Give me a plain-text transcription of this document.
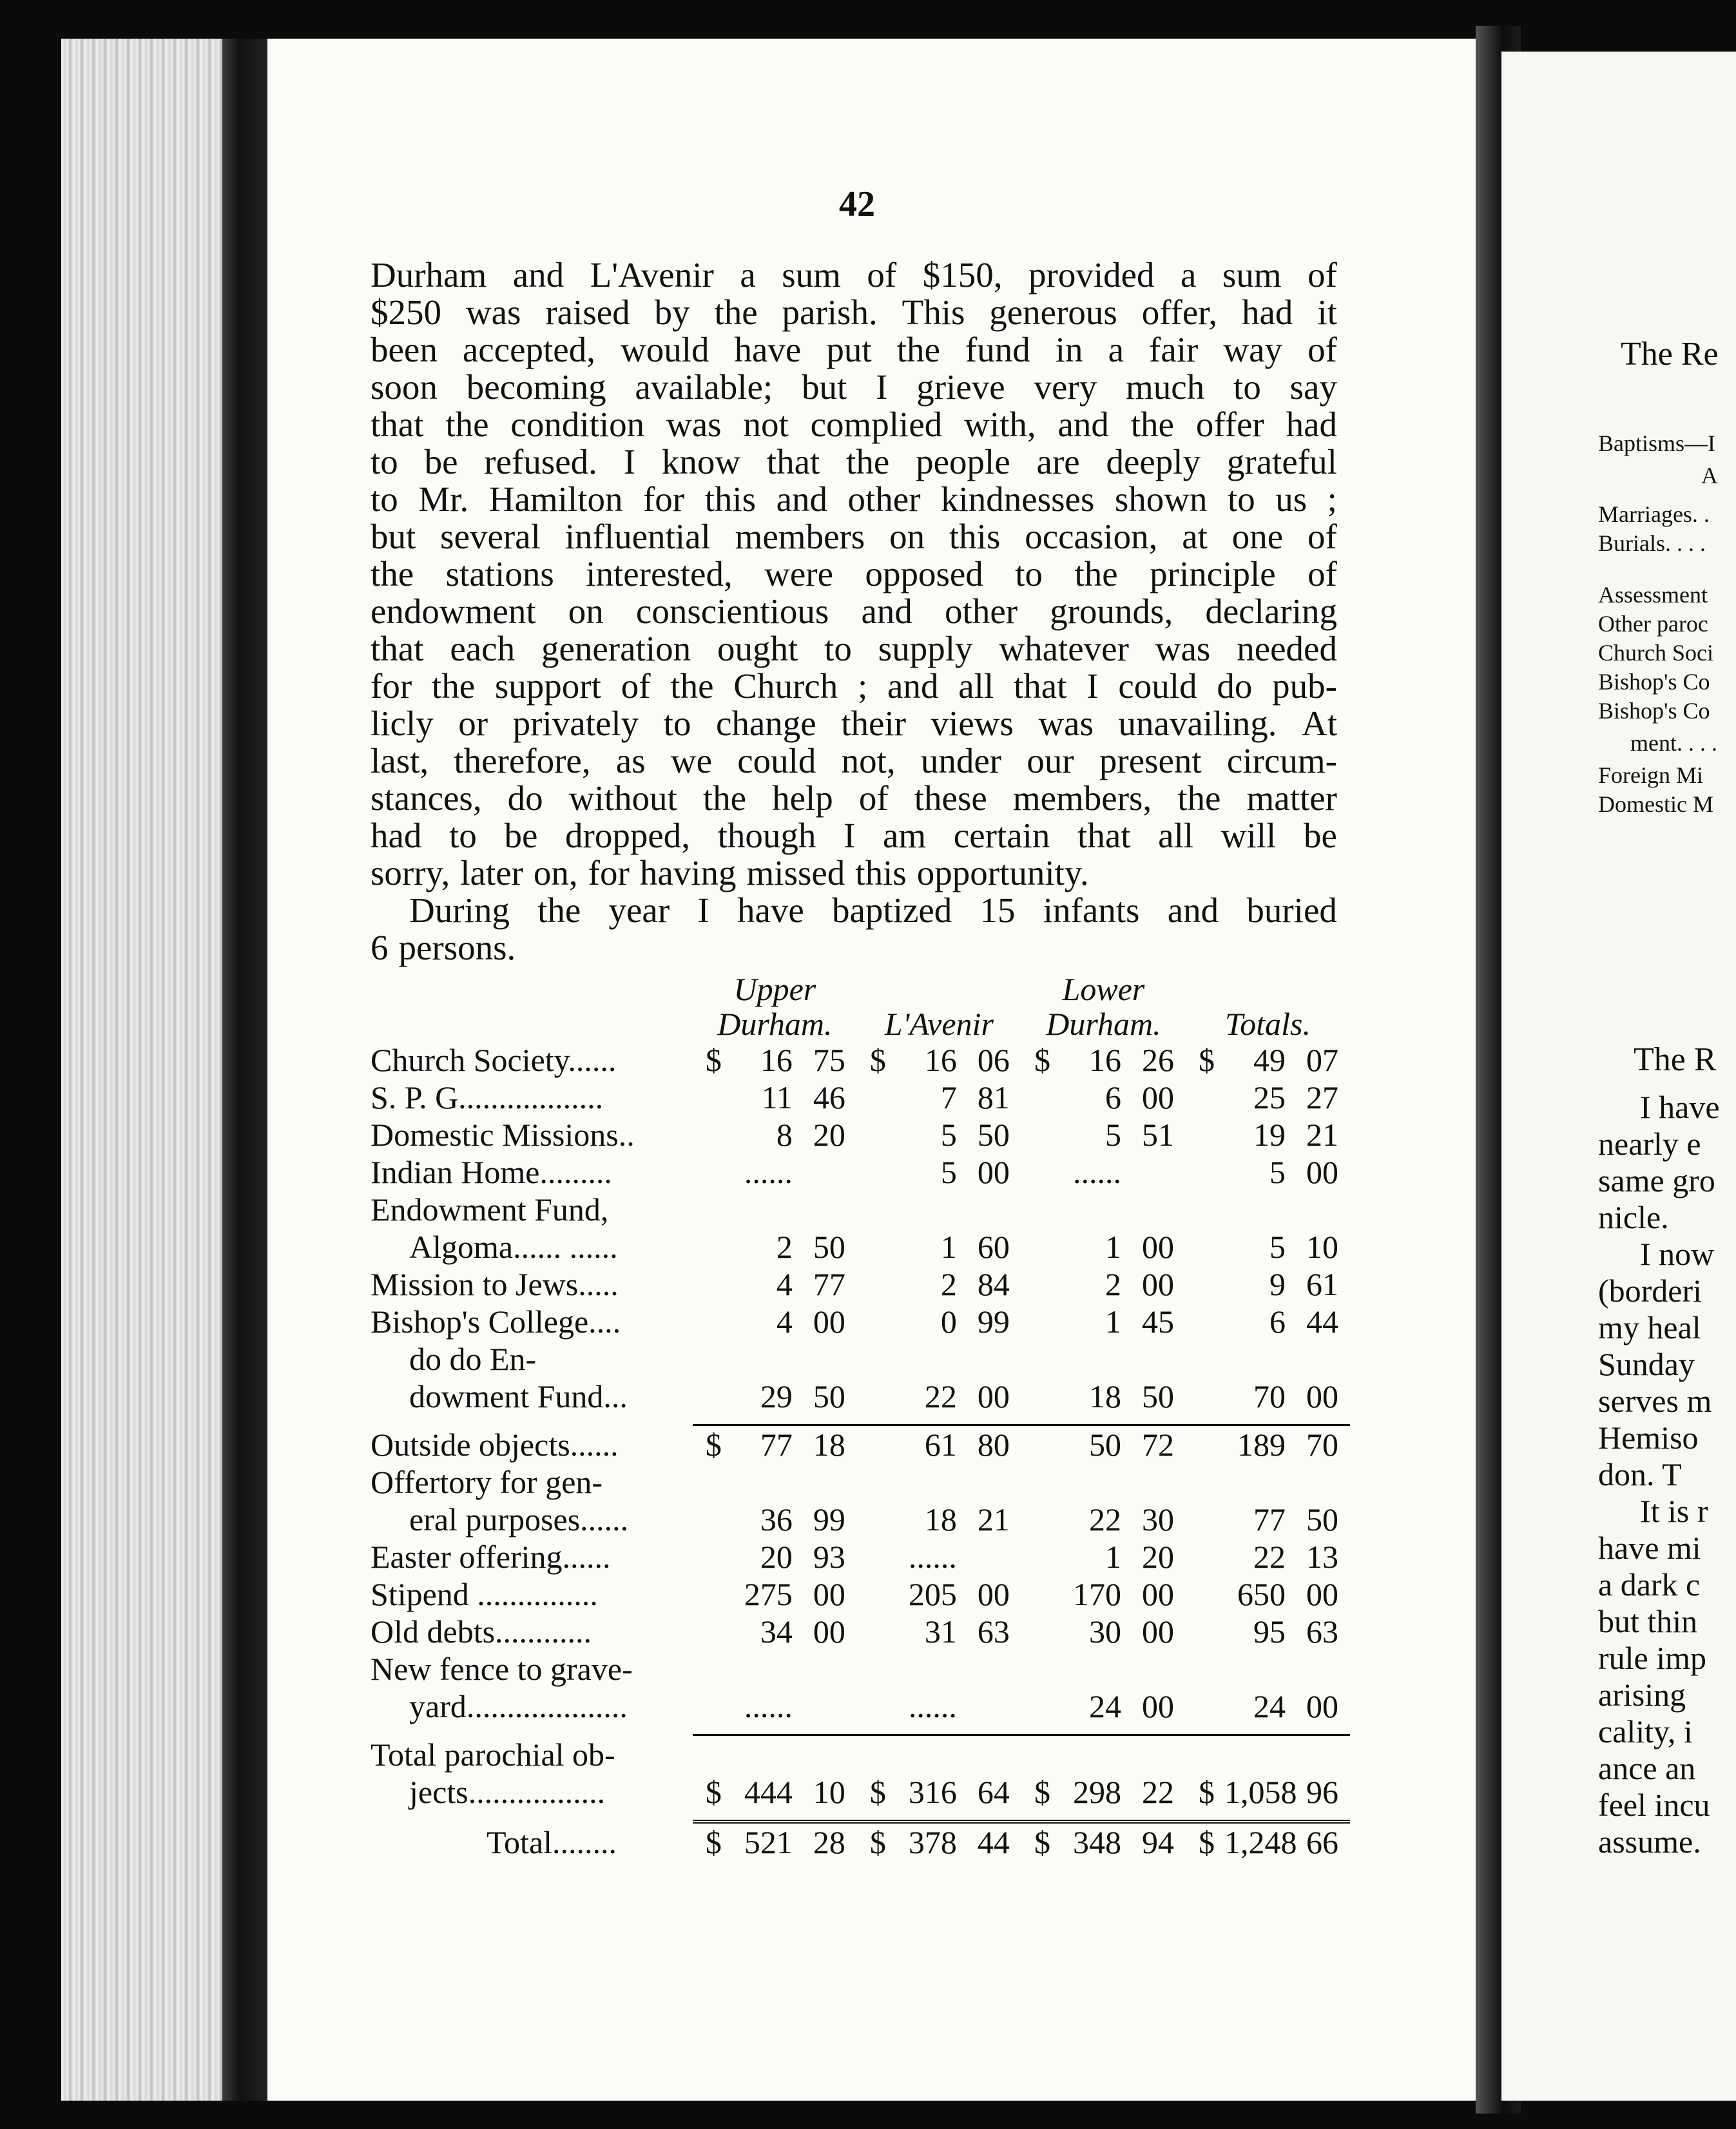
42
Durham and L'Avenir a sum of $150, provided a sum of
$250 was raised by the parish. This generous offer, had it
been accepted, would have put the fund in a fair way of
soon becoming available; but I grieve very much to say
that the condition was not complied with, and the offer had
to be refused. I know that the people are deeply grateful
to Mr. Hamilton for this and other kindnesses shown to us ;
but several influential members on this occasion, at one of
the stations interested, were opposed to the principle of
endowment on conscientious and other grounds, declaring
that each generation ought to supply whatever was needed
for the support of the Church ; and all that I could do pub-
licly or privately to change their views was unavailing. At
last, therefore, as we could not, under our present circum-
stances, do without the help of these members, the matter
had to be dropped, though I am certain that all will be
sorry, later on, for having missed this opportunity.
During the year I have baptized 15 infants and buried
6 persons.
	Upper		Lower	
	Durham.	L'Avenir	Durham.	Totals.
Church Society......	$ 16 75	$ 16 06	$ 16 26	$ 49 07
S. P. G..................	11 46	7 81	6 00	25 27
Domestic Missions..	8 20	5 50	5 51	19 21
Indian Home.........	......	5 00	......	5 00
Endowment Fund,				
Algoma...... ......	2 50	1 60	1 00	5 10
Mission to Jews.....	4 77	2 84	2 00	9 61
Bishop's College....	4 00	0 99	1 45	6 44
do do En-				
dowment Fund...	29 50	22 00	18 50	70 00

Outside objects......	$ 77 18	61 80	50 72	189 70
Offertory for gen-				
eral purposes......	36 99	18 21	22 30	77 50
Easter offering......	20 93	......	1 20	22 13
Stipend ...............	275 00	205 00	170 00	650 00
Old debts............	34 00	31 63	30 00	95 63
New fence to grave-				
yard....................	......	......	24 00	24 00

Total parochial ob-				
jects.................	$ 444 10	$ 316 64	$ 298 22	$ 1,058 96

Total........	$ 521 28	$ 378 44	$ 348 94	$ 1,248 66
The Re
Baptisms—I
A
Marriages. .
Burials. . . .
Assessment
Other paroc
Church Soci
Bishop's Co
Bishop's Co
ment. . . .
Foreign Mi
Domestic M
The R
I have
nearly e
same gro
nicle.
I now
(borderi
my heal
Sunday
serves m
Hemiso
don. T
It is r
have mi
a dark c
but thin
rule imp
arising
cality, i
ance an
feel incu
assume.
